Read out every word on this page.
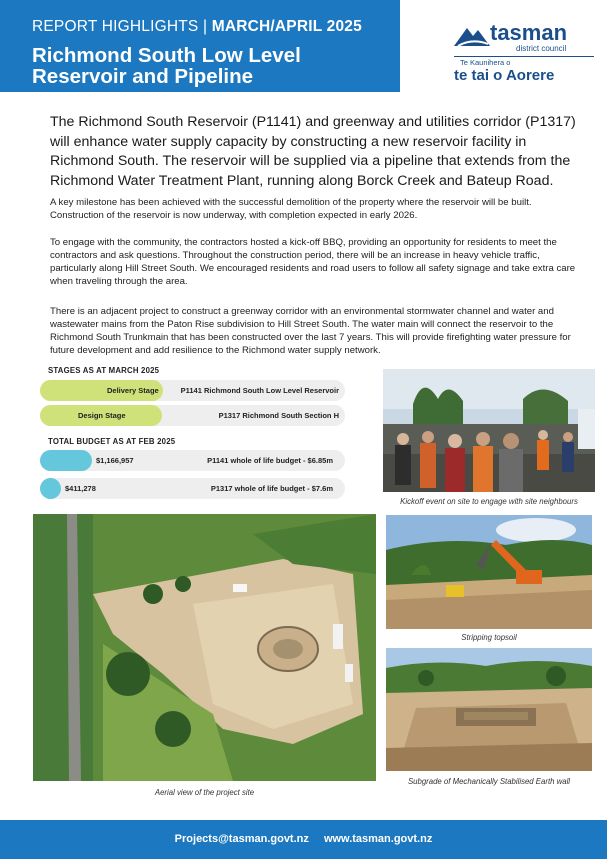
REPORT HIGHLIGHTS | MARCH/APRIL 2025
Richmond South Low Level
Reservoir and Pipeline
tasman
district council
Te Kaunihera o
te tai o Aorere
The Richmond South Reservoir (P1141) and greenway and utilities corridor (P1317) will enhance water supply capacity by constructing a new reservoir facility in Richmond South. The reservoir will be supplied via a pipeline that extends from the Richmond Water Treatment Plant, running along Borck Creek and Bateup Road.
A key milestone has been achieved with the successful demolition of the property where the reservoir will be built. Construction of the reservoir is now underway, with completion expected in early 2026.
To engage with the community, the contractors hosted a kick-off BBQ, providing an opportunity for residents to meet the contractors and ask questions. Throughout the construction period, there will be an increase in heavy vehicle traffic, particularly along Hill Street South. We encouraged residents and road users to follow all safety signage and take extra care when traveling through the area.
There is an adjacent project to construct a greenway corridor with an environmental stormwater channel and water and wastewater mains from the Paton Rise subdivision to Hill Street South. The water main will connect the reservoir to the Richmond South Trunkmain that has been constructed over the last 7 years. This will provide firefighting water pressure for future development and add resilience to the Richmond water supply network.
STAGES AS AT MARCH 2025
Delivery Stage	P1141 Richmond South Low Level Reservoir
Design Stage	P1317 Richmond South Section H
TOTAL BUDGET AS AT FEB 2025
$1,166,957	P1141 whole of life budget - $6.85m
$411,278	P1317 whole of life budget - $7.6m
Kickoff event on site to engage with site neighbours
Aerial view of the project site
Stripping topsoil
Subgrade of Mechanically Stabilised Earth wall
Projects@tasman.govt.nz www.tasman.govt.nz
